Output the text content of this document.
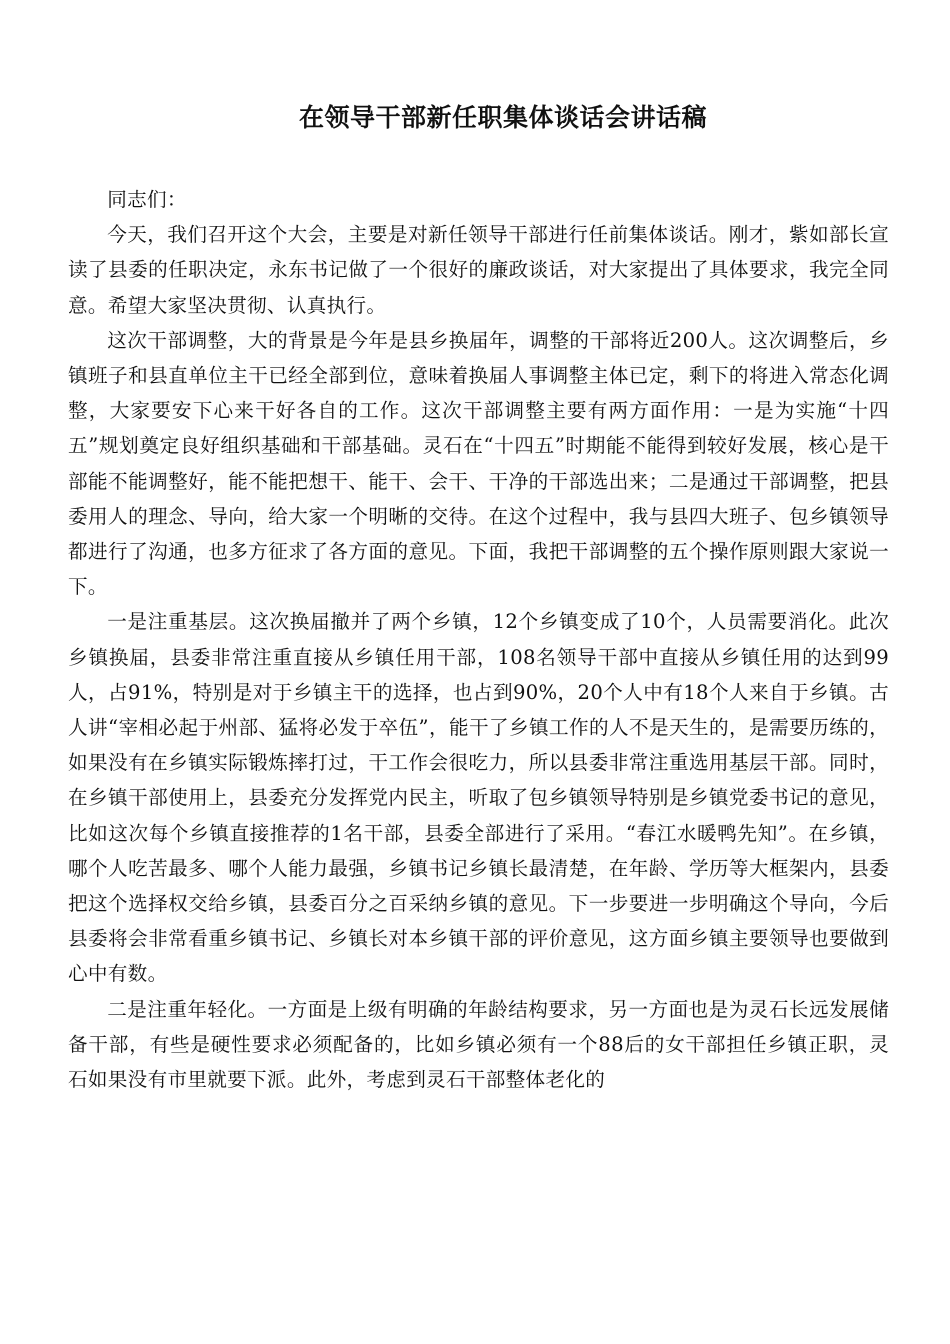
在领导干部新任职集体谈话会讲话稿

同志们：

今天，我们召开这个大会，主要是对新任领导干部进行任前集体谈话。刚才，紫如部长宣读了县委的任职决定，永东书记做了一个很好的廉政谈话，对大家提出了具体要求，我完全同意。希望大家坚决贯彻、认真执行。

这次干部调整，大的背景是今年是县乡换届年，调整的干部将近200人。这次调整后，乡镇班子和县直单位主干已经全部到位，意味着换届人事调整主体已定，剩下的将进入常态化调整，大家要安下心来干好各自的工作。这次干部调整主要有两方面作用：一是为实施“十四五”规划奠定良好组织基础和干部基础。灵石在“十四五”时期能不能得到较好发展，核心是干部能不能调整好，能不能把想干、能干、会干、干净的干部选出来；二是通过干部调整，把县委用人的理念、导向，给大家一个明晰的交待。在这个过程中，我与县四大班子、包乡镇领导都进行了沟通，也多方征求了各方面的意见。下面，我把干部调整的五个操作原则跟大家说一下。

一是注重基层。这次换届撤并了两个乡镇，12个乡镇变成了10个，人员需要消化。此次乡镇换届，县委非常注重直接从乡镇任用干部，108名领导干部中直接从乡镇任用的达到99人，占91%，特别是对于乡镇主干的选择，也占到90%，20个人中有18个人来自于乡镇。古人讲“宰相必起于州部、猛将必发于卒伍”，能干了乡镇工作的人不是天生的，是需要历练的，如果没有在乡镇实际锻炼摔打过，干工作会很吃力，所以县委非常注重选用基层干部。同时，在乡镇干部使用上，县委充分发挥党内民主，听取了包乡镇领导特别是乡镇党委书记的意见，比如这次每个乡镇直接推荐的1名干部，县委全部进行了采用。“春江水暖鸭先知”。在乡镇，哪个人吃苦最多、哪个人能力最强，乡镇书记乡镇长最清楚，在年龄、学历等大框架内，县委把这个选择权交给乡镇，县委百分之百采纳乡镇的意见。下一步要进一步明确这个导向，今后县委将会非常看重乡镇书记、乡镇长对本乡镇干部的评价意见，这方面乡镇主要领导也要做到心中有数。

二是注重年轻化。一方面是上级有明确的年龄结构要求，另一方面也是为灵石长远发展储备干部，有些是硬性要求必须配备的，比如乡镇必须有一个88后的女干部担任乡镇正职，灵石如果没有市里就要下派。此外，考虑到灵石干部整体老化的
